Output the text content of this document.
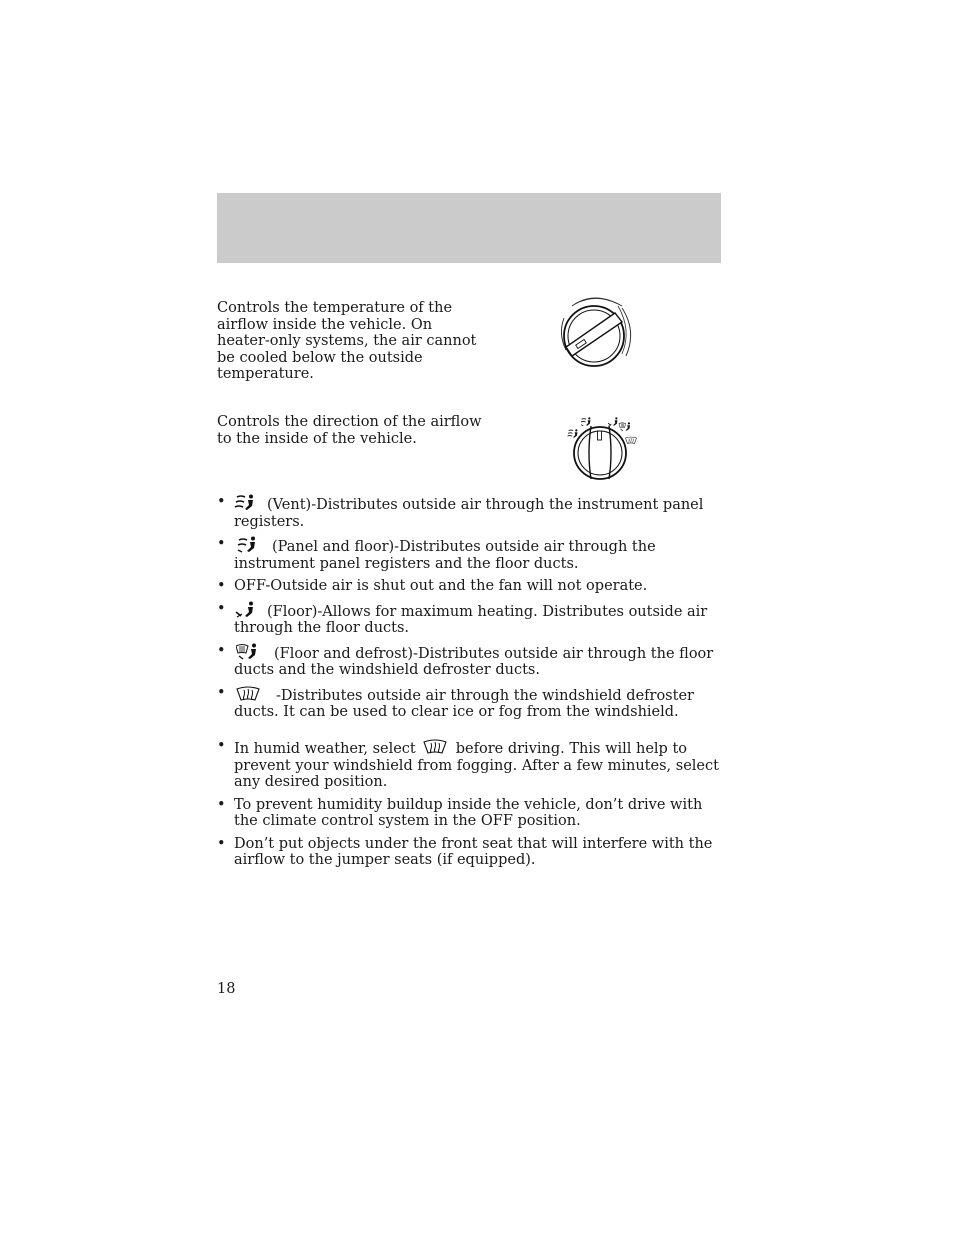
Controls the temperature of the airflow inside the vehicle. On heater-only systems, the air cannot be cooled below the outside temperature.

Controls the direction of the airflow to the inside of the vehicle.

•	(Vent)-Distributes outside air through the instrument panel registers.
•	(Panel and floor)-Distributes outside air through the instrument panel registers and the floor ducts.
• OFF-Outside air is shut out and the fan will not operate.
•	(Floor)-Allows for maximum heating. Distributes outside air through the floor ducts.
•	(Floor and defrost)-Distributes outside air through the floor ducts and the windshield defroster ducts.
•	-Distributes outside air through the windshield defroster ducts. It can be used to clear ice or fog from the windshield.
• In humid weather, select	before driving. This will help to prevent your windshield from fogging. After a few minutes, select any desired position.
• To prevent humidity buildup inside the vehicle, don’t drive with the climate control system in the OFF position.
• Don’t put objects under the front seat that will interfere with the airflow to the jumper seats (if equipped).
18
